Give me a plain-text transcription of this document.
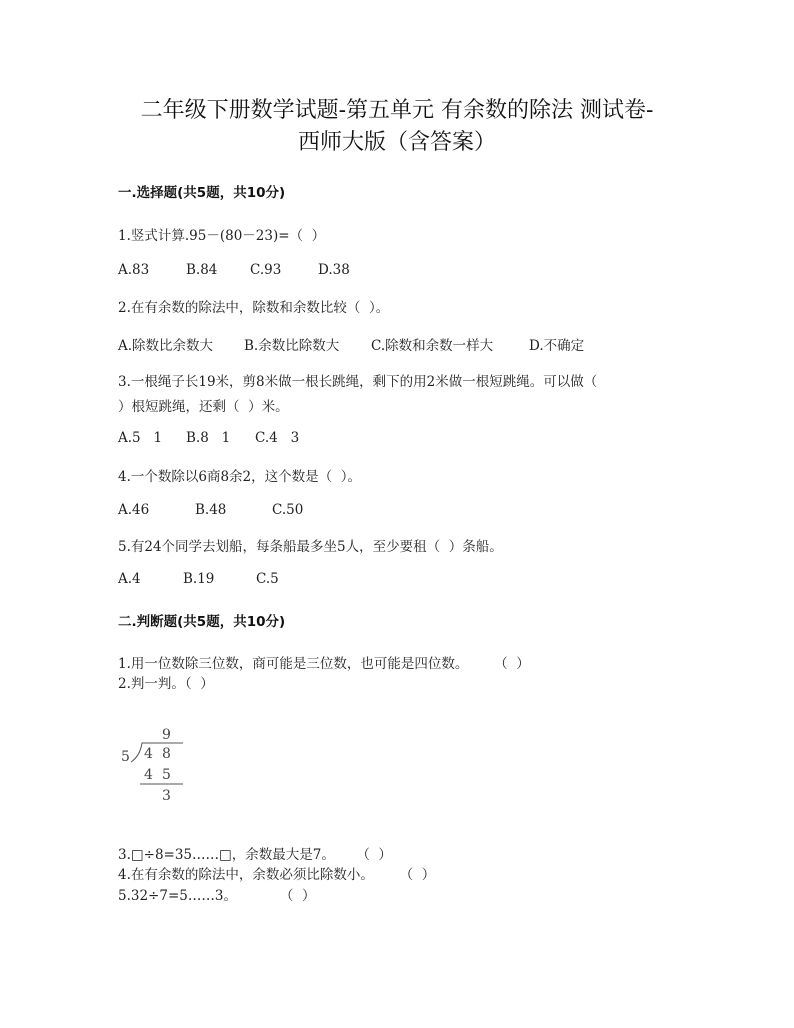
二年级下册数学试题-第五单元 有余数的除法 测试卷-
西师大版（含答案）
一.选择题(共5题，共10分)
1.竖式计算.95－(80－23)=（  ）
A.83	B.84 C.93	D.38
2.在有余数的除法中，除数和余数比较（  ）。
A.除数比余数大 B.余数比除数大 C.除数和余数一样大	D.不确定
3.一根绳子长19米，剪8米做一根长跳绳，剩下的用2米做一根短跳绳。可以做（
）根短跳绳，还剩（  ）米。
A.5   1 B.8   1 C.4   3
4.一个数除以6商8余2，这个数是（  ）。
A.46	B.48	C.50
5.有24个同学去划船，每条船最多坐5人，至少要租（  ）条船。
A.4	B.19	C.5
二.判断题(共5题，共10分)
1.用一位数除三位数，商可能是三位数，也可能是四位数。      （  ）
2.判一判。（  ）
9
5 4 8
4 5
3
3.□÷8=35……□，余数最大是7。     （  ）
4.在有余数的除法中，余数必须比除数小。      （  ）
5.32÷7=5……3。          （  ）
